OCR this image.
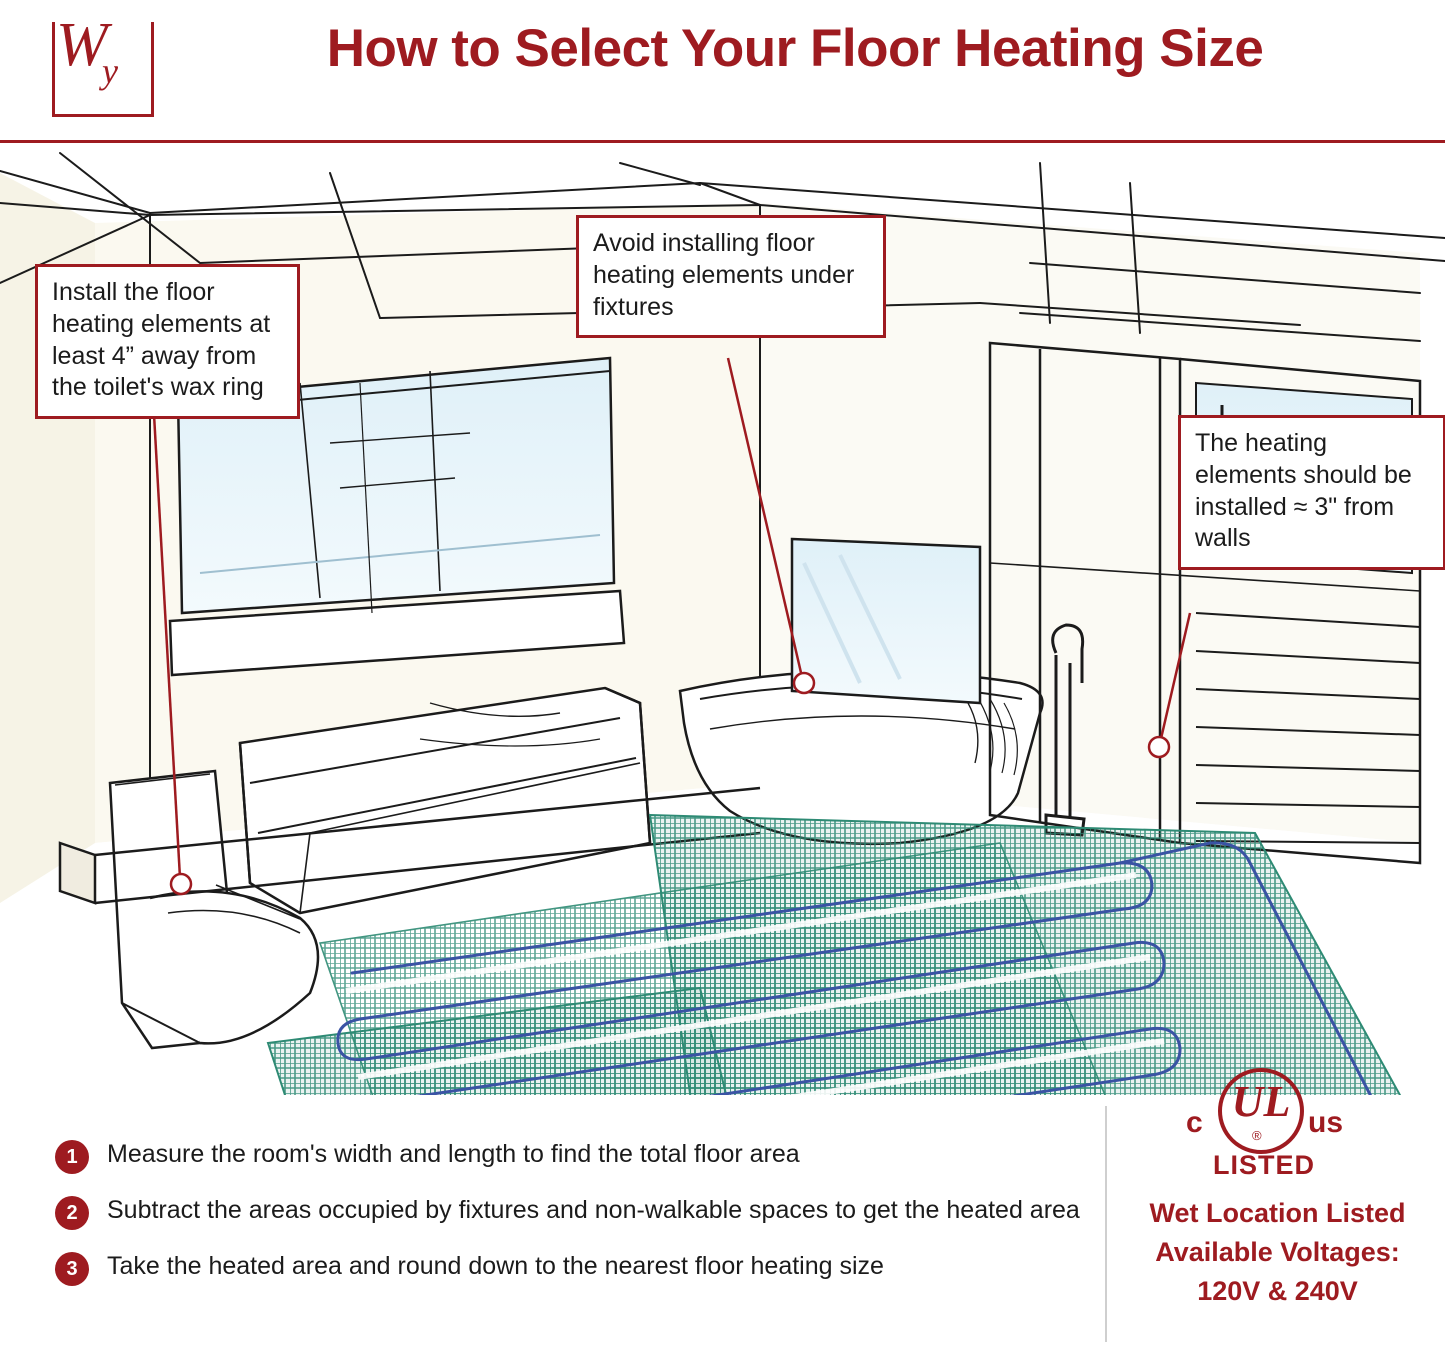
W
y	How to Select Your Floor Heating Size
Install the floor heating elements at least 4” away from the toilet's wax ring
Avoid installing floor heating elements under fixtures
The heating elements should be installed ≈ 3" from walls
1	Measure the room's width and length to find the total floor area
2	Subtract the areas occupied by fixtures and non-walkable spaces to get the heated area
3	Take the heated area and round down to the nearest floor heating size
UL
®
c	us
LISTED
Wet Location Listed
Available Voltages:
120V & 240V
